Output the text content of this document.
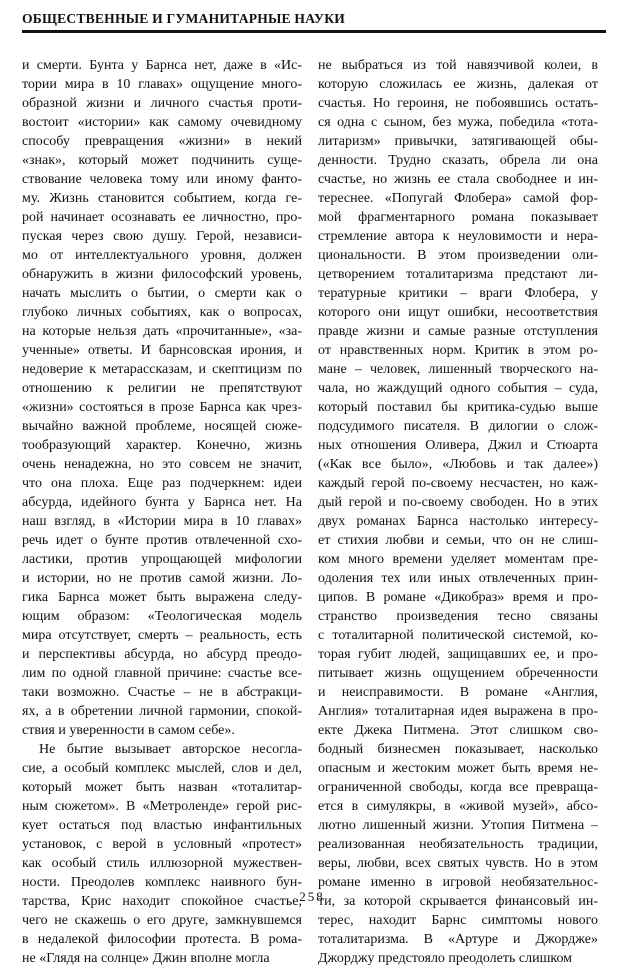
ОБЩЕСТВЕННЫЕ И ГУМАНИТАРНЫЕ НАУКИ
и смерти. Бунта у Барнса нет, даже в «Ис-
тории мира в 10 главах» ощущение много-
образной жизни и личного счастья проти-
востоит «истории» как самому очевидному
способу превращения «жизни» в некий
«знак», который может подчинить суще-
ствование человека тому или иному фанто-
му. Жизнь становится событием, когда ге-
рой начинает осознавать ее личностно, про-
пуская через свою душу. Герой, независи-
мо от интеллектуального уровня, должен
обнаружить в жизни философский уровень,
начать мыслить о бытии, о смерти как о
глубоко личных событиях, как о вопросах,
на которые нельзя дать «прочитанные», «за-
ученные» ответы. И барнсовская ирония, и
недоверие к метарассказам, и скептицизм по
отношению к религии не препятствуют
«жизни» состояться в прозе Барнса как чрез-
вычайно важной проблеме, носящей сюже-
тообразующий характер. Конечно, жизнь
очень ненадежна, но это совсем не значит,
что она плоха. Еще раз подчеркнем: идеи
абсурда, идейного бунта у Барнса нет. На
наш взгляд, в «Истории мира в 10 главах»
речь идет о бунте против отвлеченной схо-
ластики, против упрощающей мифологии
и истории, но не против самой жизни. Ло-
гика Барнса может быть выражена следу-
ющим образом: «Теологическая модель
мира отсутствует, смерть – реальность, есть
и перспективы абсурда, но абсурд преодо-
лим по одной главной причине: счастье все-
таки возможно. Счастье – не в абстракци-
ях, а в обретении личной гармонии, спокой-
ствия и уверенности в самом себе».
Не бытие вызывает авторское несогла-
сие, а особый комплекс мыслей, слов и дел,
который может быть назван «тоталитар-
ным сюжетом». В «Метроленде» герой рис-
кует остаться под властью инфантильных
установок, с верой в условный «протест»
как особый стиль иллюзорной мужествен-
ности. Преодолев комплекс наивного бун-
тарства, Крис находит спокойное счастье,
чего не скажешь о его друге, замкнувшемся
в недалекой философии протеста. В рома-
не «Глядя на солнце» Джин вполне могла
не выбраться из той навязчивой колеи, в
которую сложилась ее жизнь, далекая от
счастья. Но героиня, не побоявшись остать-
ся одна с сыном, без мужа, победила «тота-
литаризм» привычки, затягивающей обы-
денности. Трудно сказать, обрела ли она
счастье, но жизнь ее стала свободнее и ин-
тереснее. «Попугай Флобера» самой фор-
мой фрагментарного романа показывает
стремление автора к неуловимости и нера-
циональности. В этом произведении оли-
цетворением тоталитаризма предстают ли-
тературные критики – враги Флобера, у
которого они ищут ошибки, несоответствия
правде жизни и самые разные отступления
от нравственных норм. Критик в этом ро-
мане – человек, лишенный творческого на-
чала, но жаждущий одного события – суда,
который поставил бы критика-судью выше
подсудимого писателя. В дилогии о слож-
ных отношения Оливера, Джил и Стюарта
(«Как все было», «Любовь и так далее»)
каждый герой по-своему несчастен, но каж-
дый герой и по-своему свободен. Но в этих
двух романах Барнса настолько интересу-
ет стихия любви и семьи, что он не слиш-
ком много времени уделяет моментам пре-
одоления тех или иных отвлеченных прин-
ципов. В романе «Дикобраз» время и про-
странство произведения тесно связаны
с тоталитарной политической системой, ко-
торая губит людей, защищавших ее, и про-
питывает жизнь ощущением обреченности
и неисправимости. В романе «Англия,
Англия» тоталитарная идея выражена в про-
екте Джека Питмена. Этот слишком сво-
бодный бизнесмен показывает, насколько
опасным и жестоким может быть время не-
ограниченной свободы, когда все превраща-
ется в симулякры, в «живой музей», абсо-
лютно лишенный жизни. Утопия Питмена –
реализованная необязательность традиции,
веры, любви, всех святых чувств. Но в этом
романе именно в игровой необязательнос-
ти, за которой скрывается финансовый ин-
терес, находит Барнс симптомы нового
тоталитаризма. В «Артуре и Джордже»
Джорджу предстояло преодолеть слишком
258
